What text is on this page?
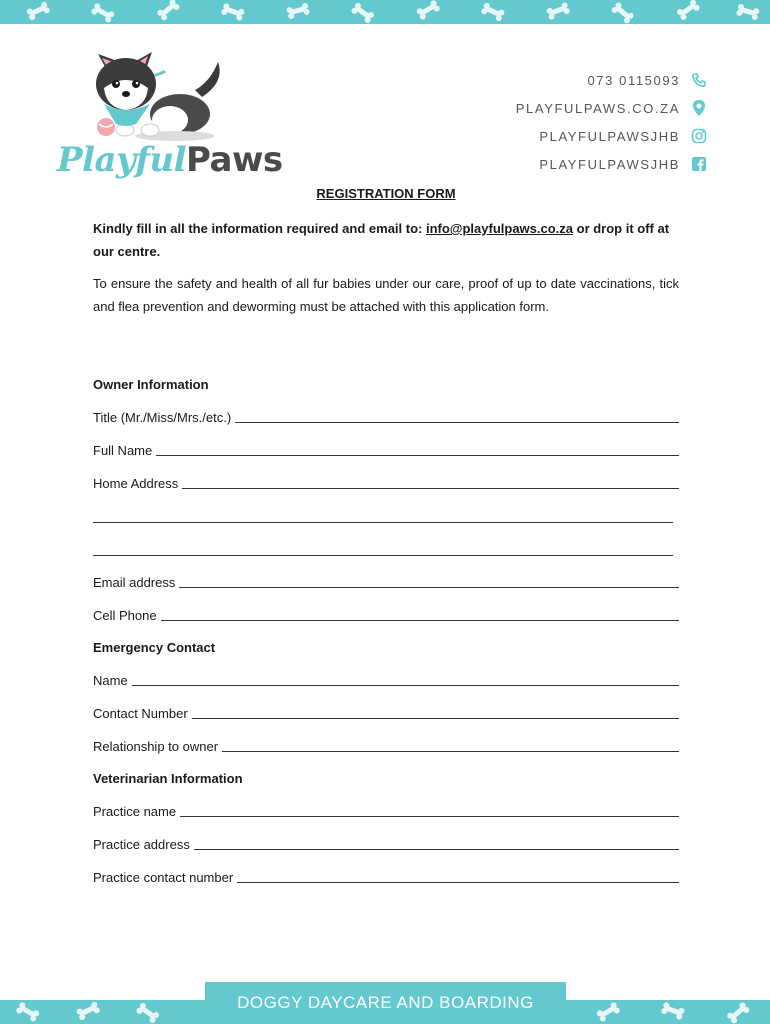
PlayfulPaws
073 0115093
PLAYFULPAWS.CO.ZA
PLAYFULPAWSJHB
PLAYFULPAWSJHB
REGISTRATION FORM
Kindly fill in all the information required and email to: info@playfulpaws.co.za or drop it off at our centre.
To ensure the safety and health of all fur babies under our care, proof of up to date vaccinations, tick and flea prevention and deworming must be attached with this application form.
Owner Information
Title (Mr./Miss/Mrs./etc.)
Full Name
Home Address
Email address
Cell Phone
Emergency Contact
Name
Contact Number
Relationship to owner
Veterinarian Information
Practice name
Practice address
Practice contact number
DOGGY DAYCARE AND BOARDING
